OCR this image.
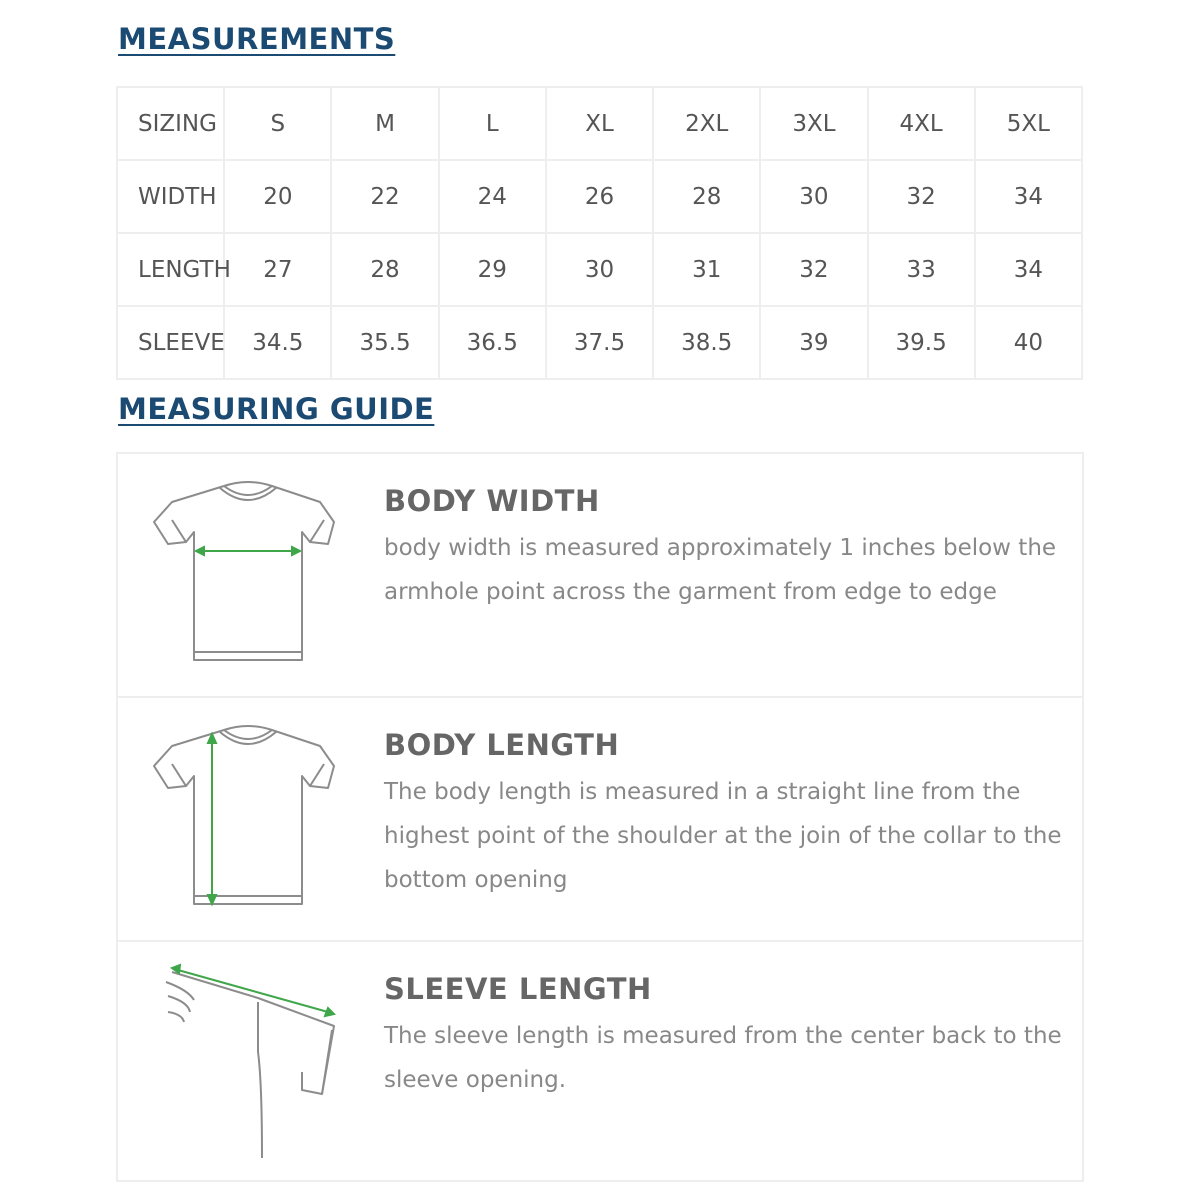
MEASUREMENTS
SIZING	S	M	L	XL	2XL	3XL	4XL	5XL
WIDTH	20	22	24	26	28	30	32	34
LENGTH	27	28	29	30	31	32	33	34
SLEEVE	34.5	35.5	36.5	37.5	38.5	39	39.5	40
MEASURING GUIDE
BODY WIDTH

body width is measured approximately 1 inches below the armhole point across the garment from edge to edge

BODY LENGTH

The body length is measured in a straight line from the highest point of the shoulder at the join of the collar to the bottom opening

SLEEVE LENGTH

The sleeve length is measured from the center back to the sleeve opening.
